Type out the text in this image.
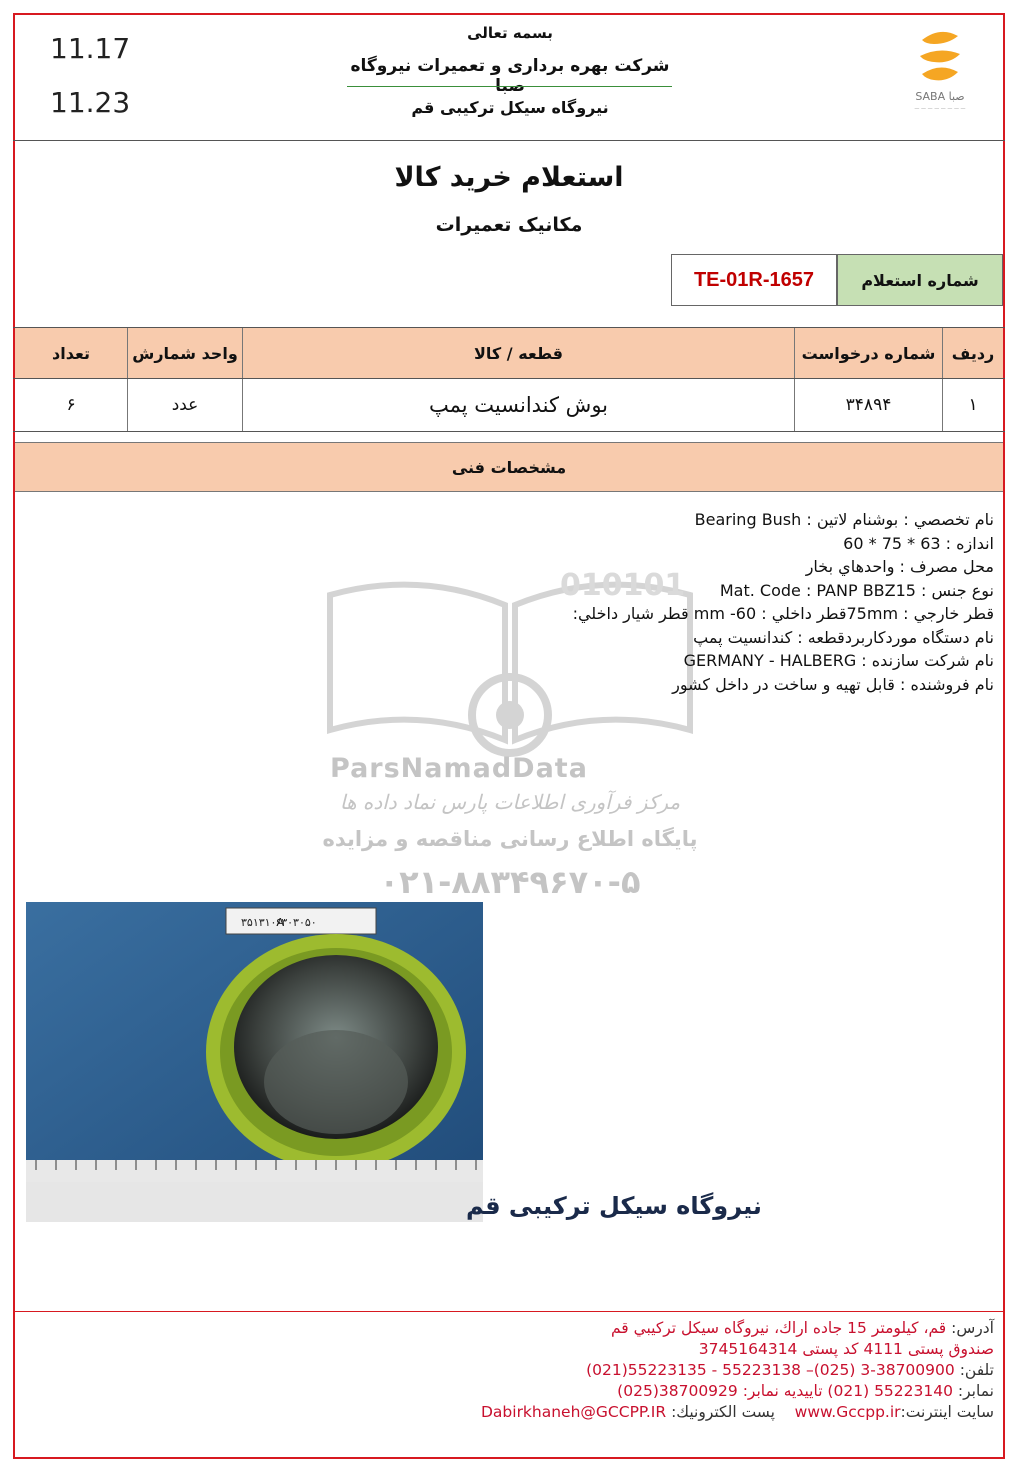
11.17
11.23
بسمه تعالی
شرکت بهره برداری و تعمیرات نیروگاه صبا
نیروگاه سیکل ترکیبی قم
SABA صبا
— — — — — — — —
استعلام خرید کالا
مکانیک تعمیرات
شماره استعلام
TE-01R-1657
ردیف
شماره درخواست
قطعه / کالا
واحد شمارش
تعداد
۱
۳۴۸۹۴
بوش کندانسیت پمپ
عدد
۶
مشخصات فنی
010101
ParsNamadData
مرکز فرآوری اطلاعات پارس نماد داده ها
پایگاه اطلاع رسانی مناقصه و مزایده
۰۲۱-۸۸۳۴۹۶۷۰-۵
نام تخصصي : بوشنام لاتين : Bearing Bush
اندازه : 63 * 75 * 60
محل مصرف : واحدهاي بخار
نوع جنس : Mat. Code : PANP BBZ15
قطر خارجي : 75mmقطر داخلي : 60- mm قطر شيار داخلي:
نام دستگاه موردکاربردقطعه : کندانسيت پمپ
نام شرکت سازنده : GERMANY - HALBERG
نام فروشنده : قابل تهيه و ساخت در داخل کشور
۶۳۰۳۰۵۰
۳۵۱۳۱۰A
نیروگاه سیکل ترکیبی قم
آدرس: قم، كيلومتر 15 جاده اراك، نيروگاه سيكل تركيبي قم
صندوق پستی 4111 کد پستی 3745164314
تلفن: 38700900-3 (025)– 55223138 - 55223135(021)
نمابر: 55223140 (021) تاييديه نمابر: 38700929(025)
سايت اينترنت:www.Gccpp.ir    پست الکترونيك: Dabirkhaneh@GCCPP.IR
